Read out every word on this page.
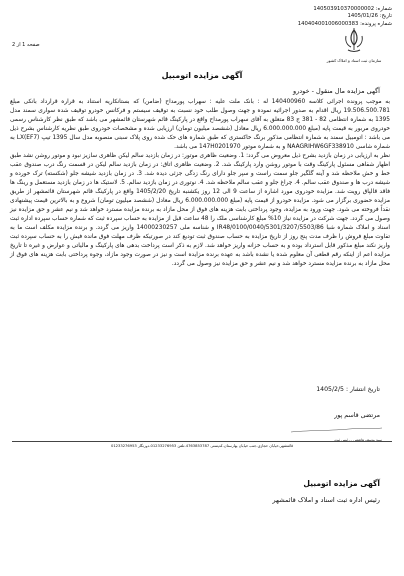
شماره: 140503910370000002
تاریخ: 1405/01/26
شماره پرونده: 140404001006000383
صفحه 1 از 2
سازمان ثبت اسناد و املاک کشور
آگهی مزایده اتومبیل
آگهی مزایده مال منقول - خودرو

به موجب پرونده اجرائی کلاسه 140400960 له : بانک ملت علیه : سهراب پورمداح (ضامن) که بستانکاریه استناد به قراره قرارداد بانکی مبلغ 19.506.500.781 ریال اقدام به صدور اجرائیه نموده و جهت وصول طلب خود نسبت به توقیف سیستم و فرکانس خودرو توقیف شده سواری سمند مدل 1395 به شماره انتظامی 82 - 381 ج 83 متعلق به آقای سهراب پورمداح واقع در پارکینگ قائم شهرستان قائمشهر می باشد که طبق نظر کارشناس رسمی خودروی مربور به قیمت پایه (مبلغ 6.000.000.000 ریال معادل (ششصد میلیون تومان) ارزیابی شده و مشخصات خودروی طبق نظریه کارشناس بشرح ذیل می باشد : اتومبیل سمند به شماره انتظامی مذکور برنگ خاکستری که طبق شماره های حک شده روی پلاک سبنی منصوبه مدل سال 1395 تیپ LX(EF7) به شماره شاسی NAAGRIHW6GF338910 و به شماره موتور 147H0201970 می باشد.

نظر به ارزیابی در زمان بازدید بشرح ذیل معروض می گردد: 1. وضعیت ظاهری موتور: در زمان بازدید سالم لیکن ظاهری سازیز نبود و موتور روشن نشد طبق اظهار شفاهی مسئول پارکینگ وقت با موتور روشن وارد پارکینگ شد. 2. وضعیت ظاهری اتاق: در زمان بازدید سالم لیکن در قسمت رنگ درب صندوق عقب خط و خش ملاحظه شد و آینه گلگیر جلو سمت راست و سپر جلو دارای رنگ زدگی جزئی دیده شد. 3. در زمان بازدید شیشه جلو (شکسته) ترک خورده و شیشه درب ها و صندوق عقب سالم. 4. چراغ جلو و عقب سالم ملاحظه شد. 4. نوتوری در زمان بازدید سالم. 5. لاستیک ها در زمان بازدید مستعمل و رینگ ها فاقد قالپاق رویت شد. مزایده خودروی مورد اشاره از ساعت 9 الی 12 روز یکشنبه تاریخ 1405/2/20 واقع در پارکینگ قائم شهرستان قائمشهر از طریق مزایده حضوری برگزار می شود. مزایده خودرو از قیمت پایه (مبلغ 6.000.000.000 ریال معادل (ششصد میلیون تومان) شروع و به بالاترین قیمت پیشنهادی نقداً فروخته می شود. جهت ورود به مزایده، وجود پرداختی بابت هزینه های فوق از محل مازاد به برنده مزایده مسترد خواهد شد و نیم عشر و حق مزایده نیز وصول می گردد. جهت شرکت در مزایده نیاز 10% مبلغ کارشناسی ملک را 48 ساعت قبل از مزایده به حساب سپرده ثبت که شماره حساب سپرده اداره ثبت اسناد و املاک شماره شبا IR48/0100/0040/5301/3207/5503/86 و شناسه ملی 14000230257 واریز می گردد. و برنده مزایده مکلف است ما به تفاوت مبلغ فروش را ظرف مدت پنج روز از تاریخ مزایده به حساب صندوق ثبت تودیع کند در صورتیکه ظرف مهلت فوق مانده فیش را به حساب سپرده ثبت واریز نکند مبلغ مذکور قابل استرداد بوده و به حساب خزانه واریز خواهد شد. لازم به ذکر است پرداخت بدهی های پارکینگ و مالیاتی و عوارض و غیره تا تاریخ مزایده اعم از اینکه رقم قطعی آن معلوم شده یا نشده باشد به عهده برنده مزایده است و نیز در صورت وجود مازاد، وجوه پرداختی بابت هزینه های فوق از محل مازاد به برنده مزایده مسترد خواهد شد و نیم عشر و حق مزایده نیز وصول می گردد.

تاریخ انتشار : 1405/2/5
مرتضی قاسم پور
سید یوسف هاشمی - رئیس ثبت
قائمشهر-خیابان حجازی-جنب خیابان بهارستان-کدپستی 4763853787-تلفن 01233276953-دورنگار 01233276953
آگهی مزایده اتومبیل
رئیس اداره ثبت اسناد و املاک قائمشهر
